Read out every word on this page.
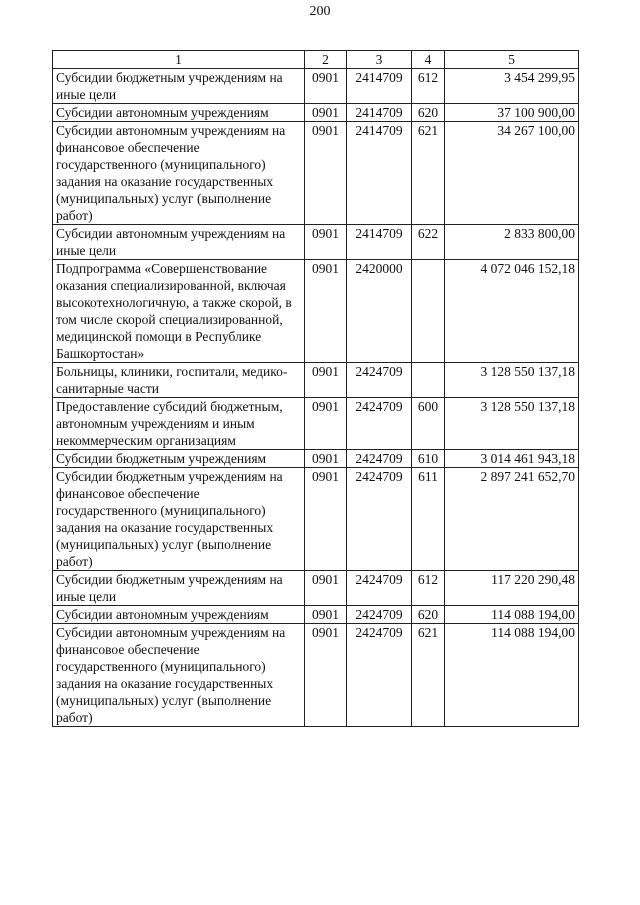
200
1	2	3	4	5
Субсидии бюджетным учреждениям на иные цели	0901	2414709	612	3 454 299,95
Субсидии автономным учреждениям	0901	2414709	620	37 100 900,00
Субсидии автономным учреждениям на финансовое обеспечение государственного (муниципального) задания на оказание государственных (муниципальных) услуг (выполнение работ)	0901	2414709	621	34 267 100,00
Субсидии автономным учреждениям на иные цели	0901	2414709	622	2 833 800,00
Подпрограмма «Совершенствование оказания специализированной, включая высокотехнологичную, а также скорой, в том числе скорой специализированной, медицинской помощи в Республике Башкортостан»	0901	2420000		4 072 046 152,18
Больницы, клиники, госпитали, медико-санитарные части	0901	2424709		3 128 550 137,18
Предоставление субсидий бюджетным, автономным учреждениям и иным некоммерческим организациям	0901	2424709	600	3 128 550 137,18
Субсидии бюджетным учреждениям	0901	2424709	610	3 014 461 943,18
Субсидии бюджетным учреждениям на финансовое обеспечение государственного (муниципального) задания на оказание государственных (муниципальных) услуг (выполнение работ)	0901	2424709	611	2 897 241 652,70
Субсидии бюджетным учреждениям на иные цели	0901	2424709	612	117 220 290,48
Субсидии автономным учреждениям	0901	2424709	620	114 088 194,00
Субсидии автономным учреждениям на финансовое обеспечение государственного (муниципального) задания на оказание государственных (муниципальных) услуг (выполнение работ)	0901	2424709	621	114 088 194,00
